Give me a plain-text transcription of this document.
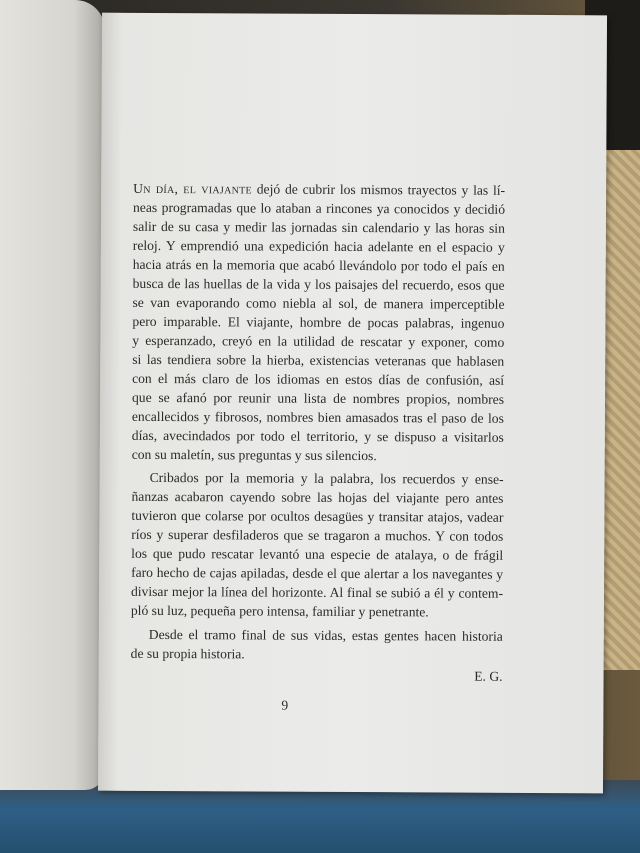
Un día, el viajante dejó de cubrir los mismos trayectos y las lí-
E. G.
9
neas programadas que lo ataban a rincones ya conocidos y decidió
salir de su casa y medir las jornadas sin calendario y las horas sin
reloj. Y emprendió una expedición hacia adelante en el espacio y
hacia atrás en la memoria que acabó llevándolo por todo el país en
busca de las huellas de la vida y los paisajes del recuerdo, esos que
se van evaporando como niebla al sol, de manera imperceptible
pero imparable. El viajante, hombre de pocas palabras, ingenuo
y esperanzado, creyó en la utilidad de rescatar y exponer, como
si las tendiera sobre la hierba, existencias veteranas que hablasen
con el más claro de los idiomas en estos días de confusión, así
que se afanó por reunir una lista de nombres propios, nombres
encallecidos y fibrosos, nombres bien amasados tras el paso de los
días, avecindados por todo el territorio, y se dispuso a visitarlos
con su maletín, sus preguntas y sus silencios.
Cribados por la memoria y la palabra, los recuerdos y ense-
ñanzas acabaron cayendo sobre las hojas del viajante pero antes
tuvieron que colarse por ocultos desagües y transitar atajos, vadear
ríos y superar desfiladeros que se tragaron a muchos. Y con todos
los que pudo rescatar levantó una especie de atalaya, o de frágil
faro hecho de cajas apiladas, desde el que alertar a los navegantes y
divisar mejor la línea del horizonte. Al final se subió a él y contem-
pló su luz, pequeña pero intensa, familiar y penetrante.
Desde el tramo final de sus vidas, estas gentes hacen historia
de su propia historia.
